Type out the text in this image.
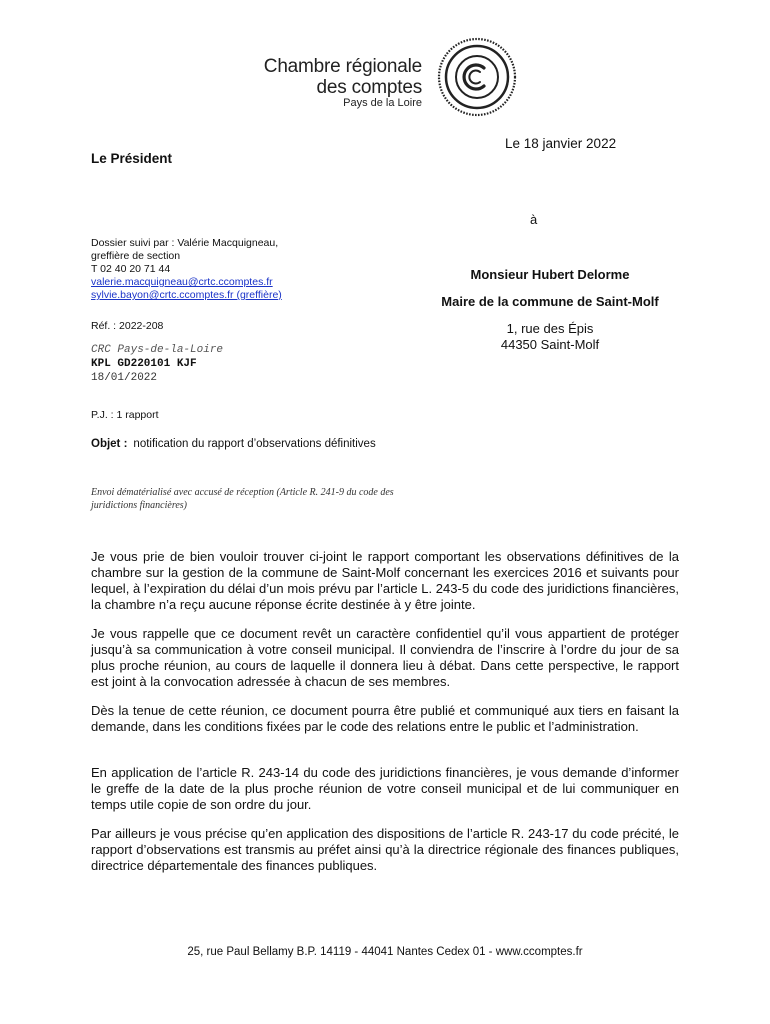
Chambre régionale
des comptes
Pays de la Loire
Le 18 janvier 2022
Le Président
à
Dossier suivi par : Valérie Macquigneau,
greffière de section
T 02 40 20 71 44
valerie.macquigneau@crtc.ccomptes.fr
sylvie.bayon@crtc.ccomptes.fr (greffière)
Monsieur Hubert Delorme
Maire de la commune de Saint-Molf
1, rue des Épis
44350 Saint-Molf
Réf. : 2022-208
CRC Pays-de-la-Loire
KPL GD220101 KJF
18/01/2022
P.J. : 1 rapport
Objet : notification du rapport d’observations définitives
Envoi dématérialisé avec accusé de réception (Article R. 241-9 du code des juridictions financières)
Je vous prie de bien vouloir trouver ci-joint le rapport comportant les observations définitives de la chambre sur la gestion de la commune de Saint-Molf concernant les exercices 2016 et suivants pour lequel, à l’expiration du délai d’un mois prévu par l’article L. 243-5 du code des juridictions financières, la chambre n’a reçu aucune réponse écrite destinée à y être jointe.
Je vous rappelle que ce document revêt un caractère confidentiel qu’il vous appartient de protéger jusqu’à sa communication à votre conseil municipal. Il conviendra de l’inscrire à l’ordre du jour de sa plus proche réunion, au cours de laquelle il donnera lieu à débat. Dans cette perspective, le rapport est joint à la convocation adressée à chacun de ses membres.
Dès la tenue de cette réunion, ce document pourra être publié et communiqué aux tiers en faisant la demande, dans les conditions fixées par le code des relations entre le public et l’administration.
En application de l’article R. 243-14 du code des juridictions financières, je vous demande d’informer le greffe de la date de la plus proche réunion de votre conseil municipal et de lui communiquer en temps utile copie de son ordre du jour.
Par ailleurs je vous précise qu’en application des dispositions de l’article R. 243-17 du code précité, le rapport d’observations est transmis au préfet ainsi qu’à la directrice régionale des finances publiques, directrice départementale des finances publiques.
25, rue Paul Bellamy B.P. 14119 - 44041 Nantes Cedex 01 - www.ccomptes.fr
